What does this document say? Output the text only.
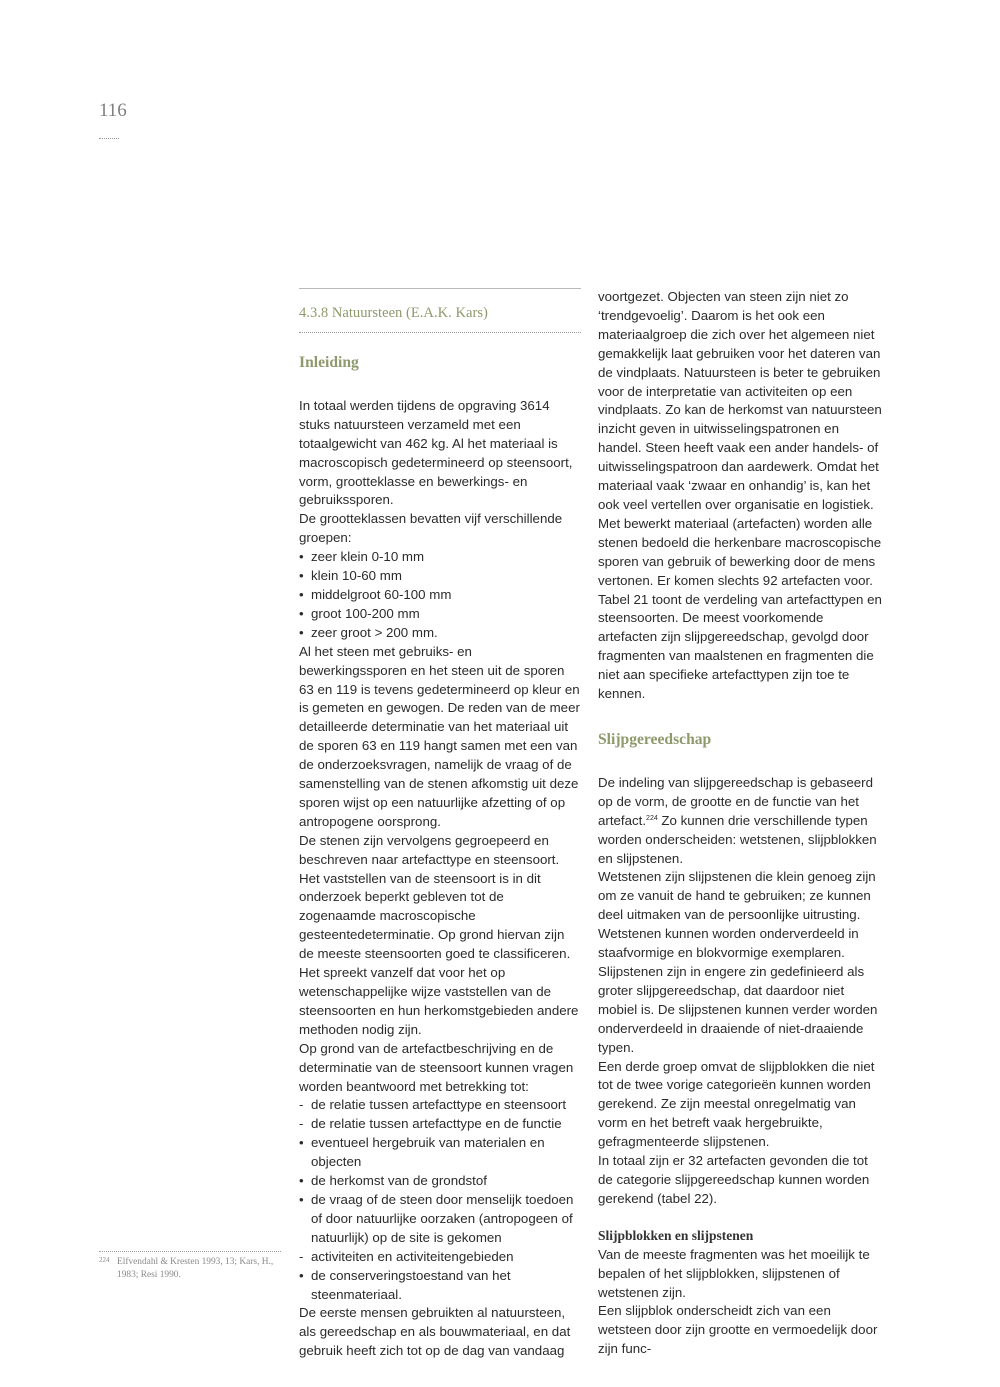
116
4.3.8 Natuursteen (E.A.K. Kars)
Inleiding

In totaal werden tijdens de opgraving 3614 stuks natuursteen verzameld met een totaalgewicht van 462 kg. Al het materiaal is macroscopisch gedetermineerd op steensoort, vorm, grootteklasse en bewerkings- en gebruikssporen.

De grootteklassen bevatten vijf verschillende groepen:

• zeer klein 0-10 mm
• klein 10-60 mm
• middelgroot 60-100 mm
• groot 100-200 mm
• zeer groot > 200 mm.

Al het steen met gebruiks- en bewerkingssporen en het steen uit de sporen 63 en 119 is tevens gedetermineerd op kleur en is gemeten en gewogen. De reden van de meer detailleerde determinatie van het materiaal uit de sporen 63 en 119 hangt samen met een van de onderzoeksvragen, namelijk de vraag of de samenstelling van de stenen afkomstig uit deze sporen wijst op een natuurlijke afzetting of op antropogene oorsprong.

De stenen zijn vervolgens gegroepeerd en beschreven naar artefacttype en steensoort. Het vaststellen van de steensoort is in dit onderzoek beperkt gebleven tot de zogenaamde macroscopische gesteentedeterminatie. Op grond hiervan zijn de meeste steensoorten goed te classificeren. Het spreekt vanzelf dat voor het op wetenschappelijke wijze vaststellen van de steensoorten en hun herkomstgebieden andere methoden nodig zijn.

Op grond van de artefactbeschrijving en de determinatie van de steensoort kunnen vragen worden beantwoord met betrekking tot:

- de relatie tussen artefacttype en steensoort
- de relatie tussen artefacttype en de functie
• eventueel hergebruik van materialen en objecten
• de herkomst van de grondstof
• de vraag of de steen door menselijk toedoen of door natuurlijke oorzaken (antropogeen of natuurlijk) op de site is gekomen
- activiteiten en activiteitengebieden
• de conserveringstoestand van het steenmateriaal.

De eerste mensen gebruikten al natuursteen, als gereedschap en als bouwmateriaal, en dat gebruik heeft zich tot op de dag van vandaag

voortgezet. Objecten van steen zijn niet zo ‘trendgevoelig’. Daarom is het ook een materiaalgroep die zich over het algemeen niet gemakkelijk laat gebruiken voor het dateren van de vindplaats. Natuursteen is beter te gebruiken voor de interpretatie van activiteiten op een vindplaats. Zo kan de herkomst van natuursteen inzicht geven in uitwisselingspatronen en handel. Steen heeft vaak een ander handels- of uitwisselingspatroon dan aardewerk. Omdat het materiaal vaak ‘zwaar en onhandig’ is, kan het ook veel vertellen over organisatie en logistiek.

Met bewerkt materiaal (artefacten) worden alle stenen bedoeld die herkenbare macroscopische sporen van gebruik of bewerking door de mens vertonen. Er komen slechts 92 artefacten voor. Tabel 21 toont de verdeling van artefacttypen en steensoorten. De meest voorkomende artefacten zijn slijpgereedschap, gevolgd door fragmenten van maalstenen en fragmenten die niet aan specifieke artefacttypen zijn toe te kennen.

Slijpgereedschap

De indeling van slijpgereedschap is gebaseerd op de vorm, de grootte en de functie van het artefact.$^{224}$ Zo kunnen drie verschillende typen worden onderscheiden: wetstenen, slijpblokken en slijpstenen.

Wetstenen zijn slijpstenen die klein genoeg zijn om ze vanuit de hand te gebruiken; ze kunnen deel uitmaken van de persoonlijke uitrusting. Wetstenen kunnen worden onderverdeeld in staafvormige en blokvormige exemplaren. Slijpstenen zijn in engere zin gedefinieerd als groter slijpgereedschap, dat daardoor niet mobiel is. De slijpstenen kunnen verder worden onderverdeeld in draaiende of niet-draaiende typen.

Een derde groep omvat de slijpblokken die niet tot de twee vorige categorieën kunnen worden gerekend. Ze zijn meestal onregelmatig van vorm en het betreft vaak hergebruikte, gefragmenteerde slijpstenen.

In totaal zijn er 32 artefacten gevonden die tot de categorie slijpgereedschap kunnen worden gerekend (tabel 22).

Slijpblokken en slijpstenen

Van de meeste fragmenten was het moeilijk te bepalen of het slijpblokken, slijpstenen of wetstenen zijn.

Een slijpblok onderscheidt zich van een wetsteen door zijn grootte en vermoedelijk door zijn func-

224 Elfvendahl & Kresten 1993, 13; Kars, H., 1983; Resi 1990.
